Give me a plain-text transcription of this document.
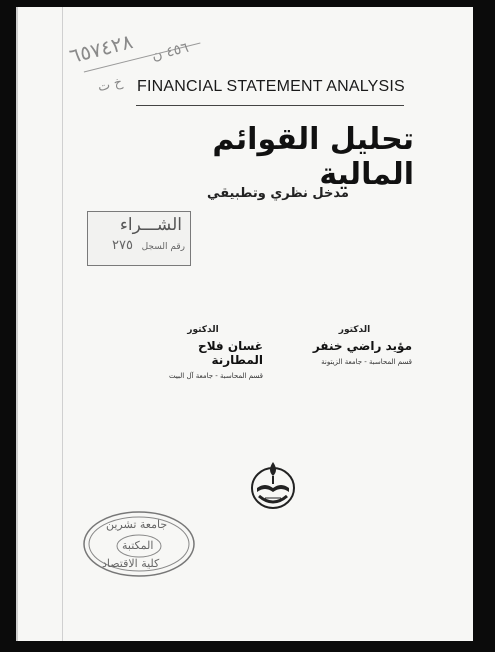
٦٥٧٤٢٨ ٤٥٦ ن
خ ت FINANCIAL STATEMENT ANALYSIS
تحليل القوائم المالية
مدخل نظري وتطبيقي
الشـــراء
رقم السجل
٢٧٥
الدكتور
مؤيد راضي خنفر
قسم المحاسبة - جامعة الزيتونة
الدكتور
غسان فلاح المطارنة
قسم المحاسبة - جامعة آل البيت
جامعة تشرين
المكتبة
كلية الاقتصاد
